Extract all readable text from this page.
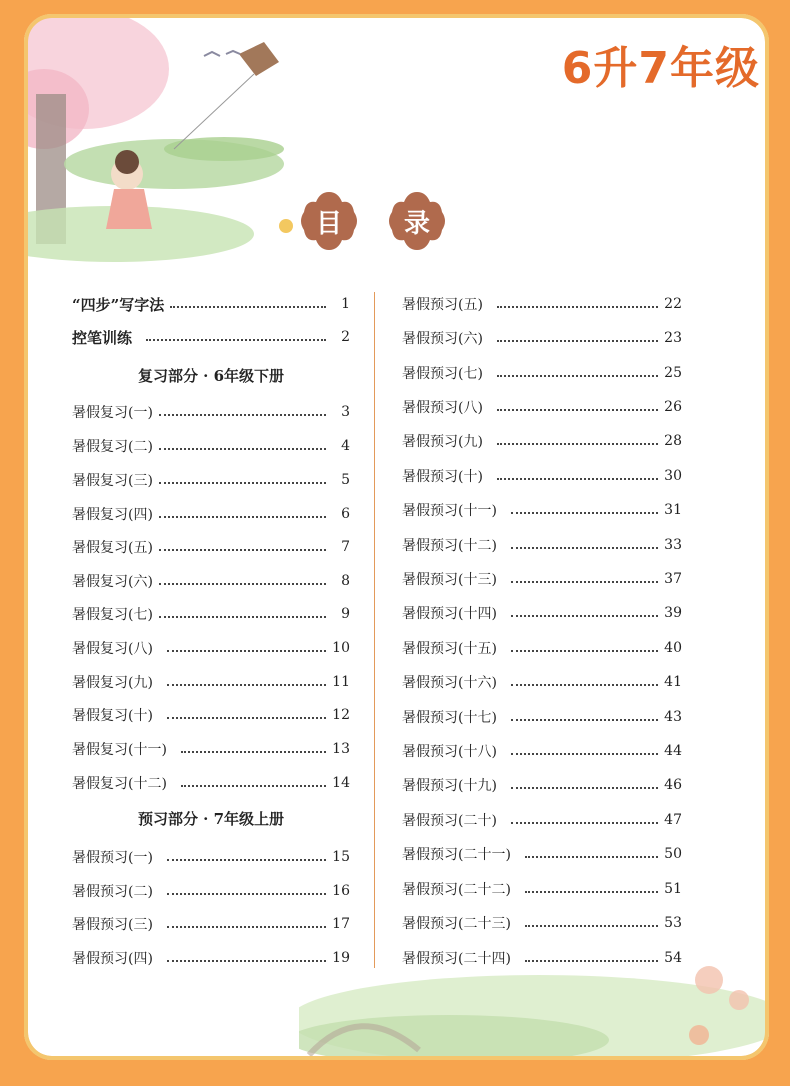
6升7年级
目 录
“四步”写字法	1
控笔训练	2
复习部分 · 6年级下册
暑假复习(一)	3
暑假复习(二)	4
暑假复习(三)	5
暑假复习(四)	6
暑假复习(五)	7
暑假复习(六)	8
暑假复习(七)	9
暑假复习(八)	10
暑假复习(九)	11
暑假复习(十)	12
暑假复习(十一)	13
暑假复习(十二)	14
预习部分 · 7年级上册
暑假预习(一)	15
暑假预习(二)	16
暑假预习(三)	17
暑假预习(四)	19
暑假预习(五)	22
暑假预习(六)	23
暑假预习(七)	25
暑假预习(八)	26
暑假预习(九)	28
暑假预习(十)	30
暑假预习(十一)	31
暑假预习(十二)	33
暑假预习(十三)	37
暑假预习(十四)	39
暑假预习(十五)	40
暑假预习(十六)	41
暑假预习(十七)	43
暑假预习(十八)	44
暑假预习(十九)	46
暑假预习(二十)	47
暑假预习(二十一)	50
暑假预习(二十二)	51
暑假预习(二十三)	53
暑假预习(二十四)	54
